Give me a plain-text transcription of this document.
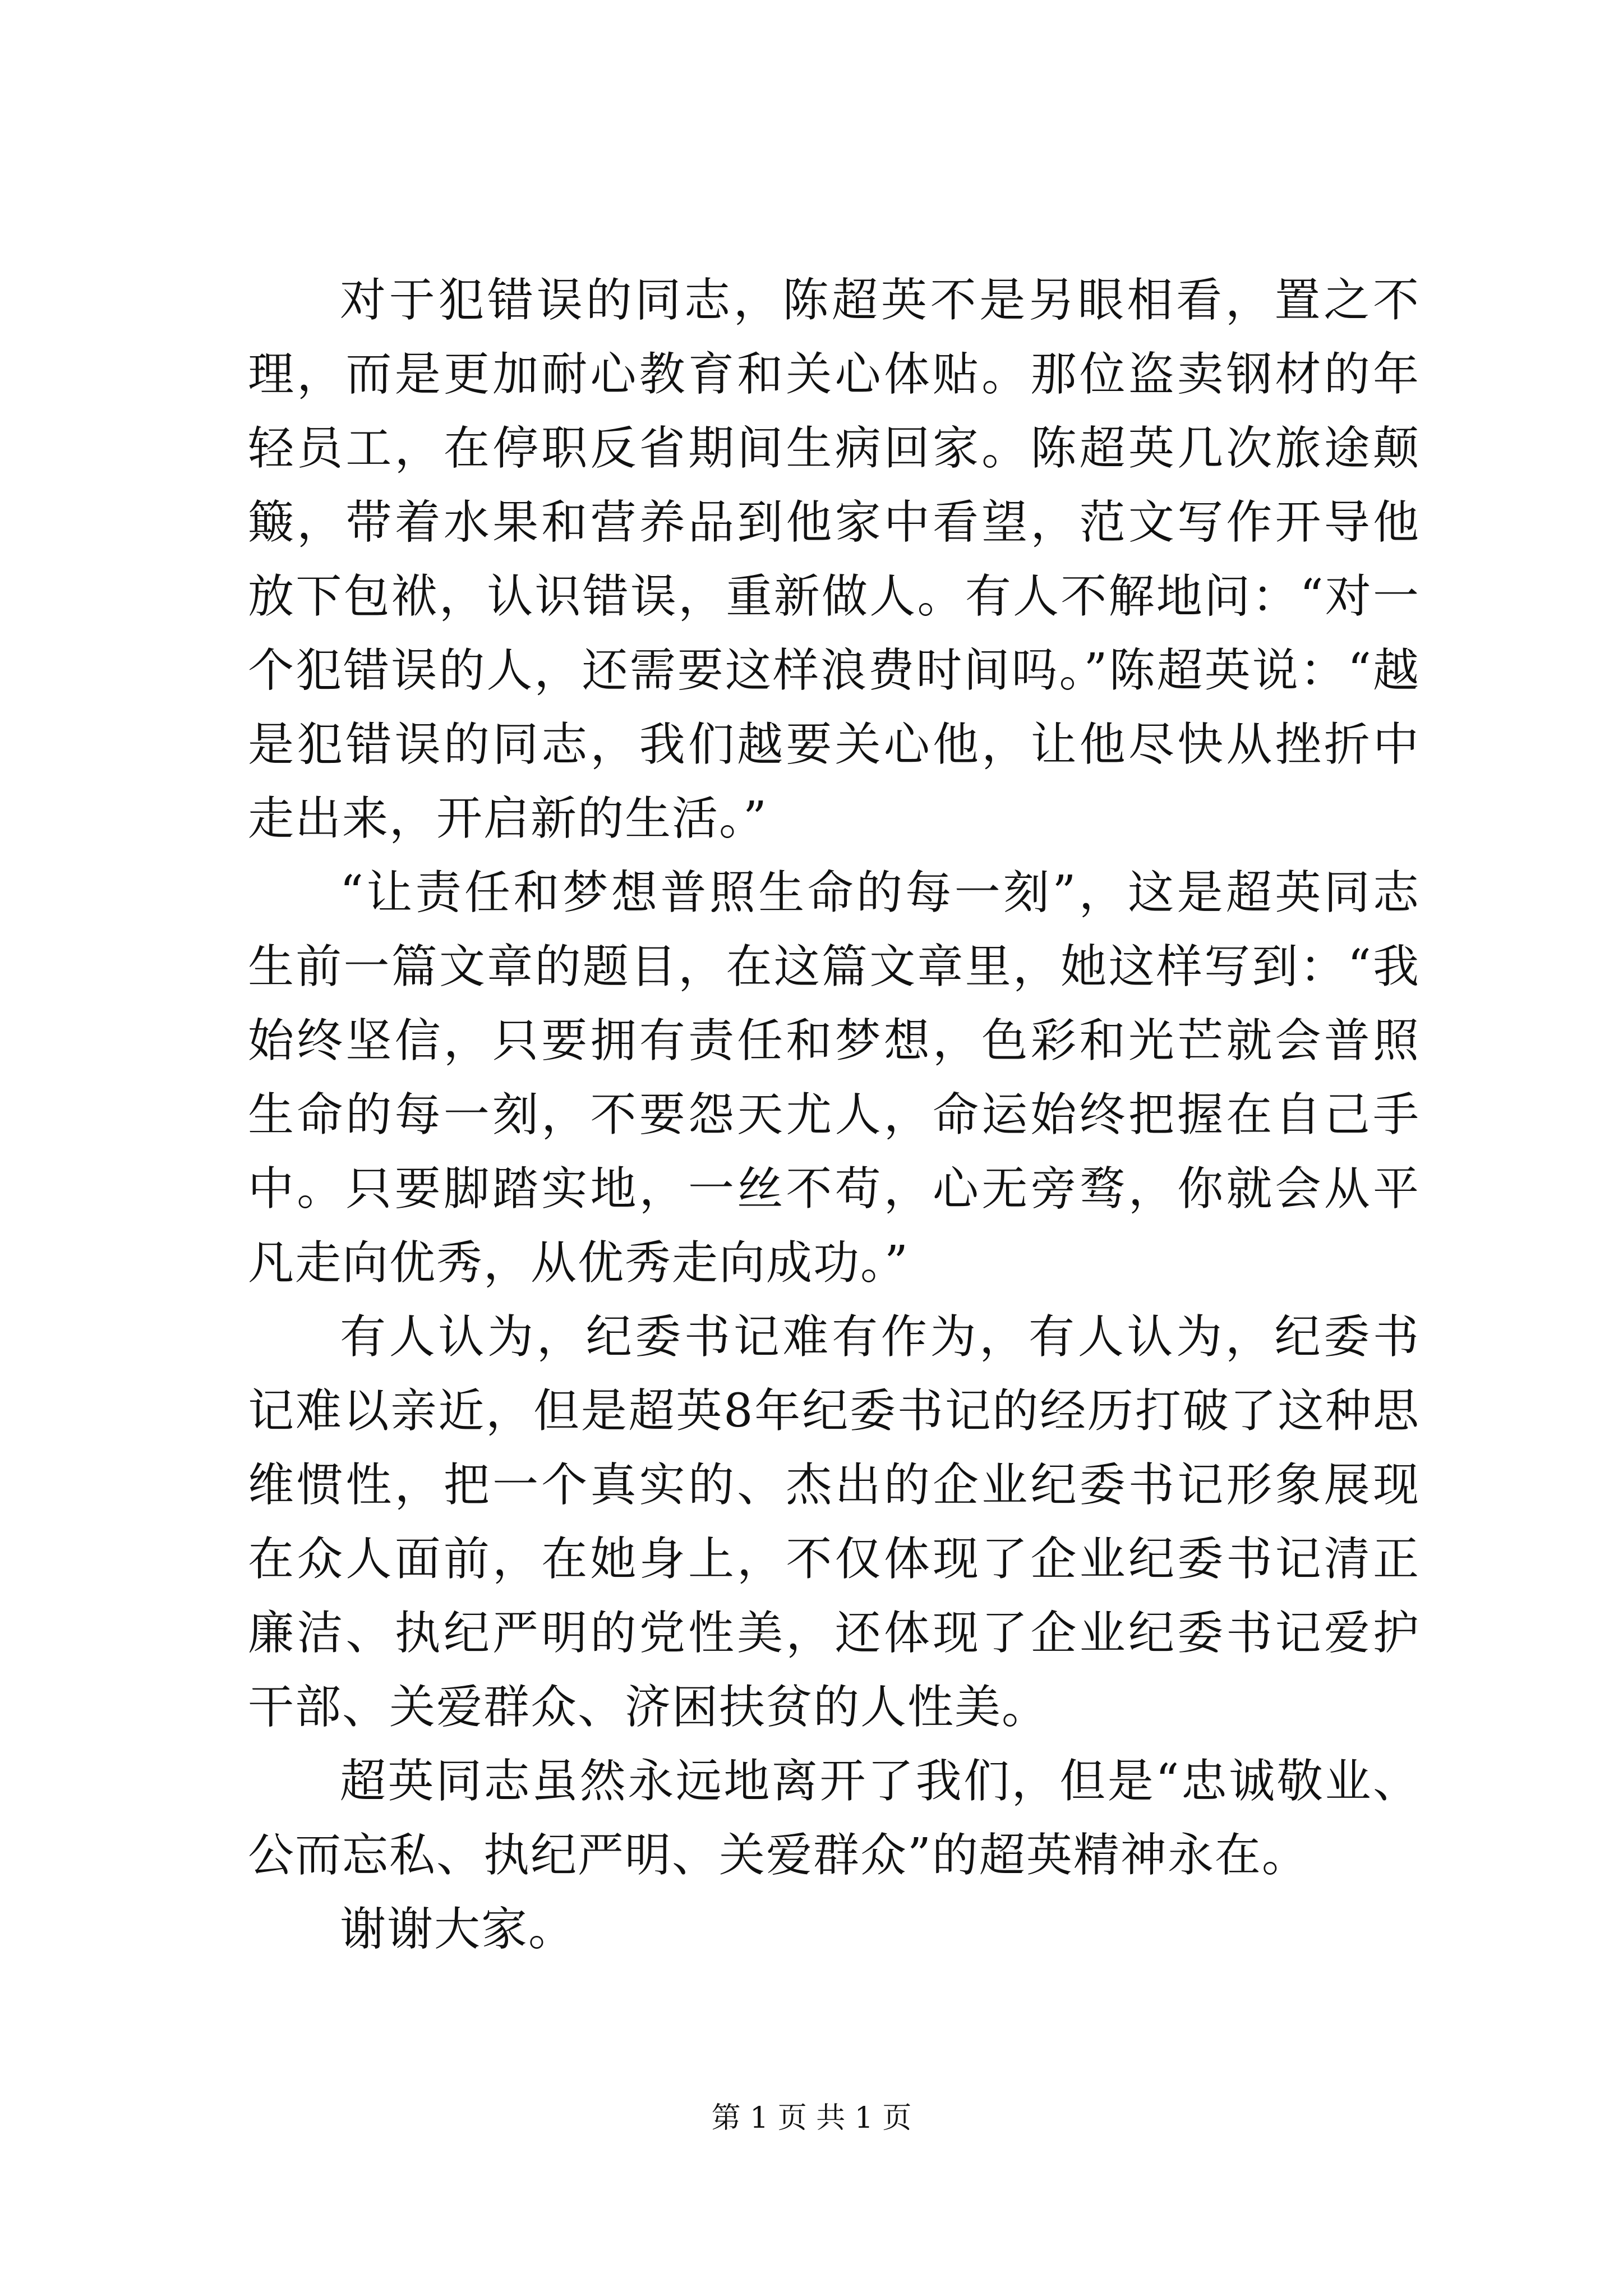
对于犯错误的同志，陈超英不是另眼相看，置之不理，而是更加耐心教育和关心体贴。那位盗卖钢材的年轻员工，在停职反省期间生病回家。陈超英几次旅途颠簸，带着水果和营养品到他家中看望，范文写作开导他放下包袱，认识错误，重新做人。有人不解地问：“对一个犯错误的人，还需要这样浪费时间吗。”陈超英说：“越是犯错误的同志，我们越要关心他，让他尽快从挫折中走出来，开启新的生活。”

“让责任和梦想普照生命的每一刻”，这是超英同志生前一篇文章的题目，在这篇文章里，她这样写到：“我始终坚信，只要拥有责任和梦想，色彩和光芒就会普照生命的每一刻，不要怨天尤人，命运始终把握在自己手中。只要脚踏实地，一丝不苟，心无旁骛，你就会从平凡走向优秀，从优秀走向成功。”

有人认为，纪委书记难有作为，有人认为，纪委书记难以亲近，但是超英8年纪委书记的经历打破了这种思维惯性，把一个真实的、杰出的企业纪委书记形象展现在众人面前，在她身上，不仅体现了企业纪委书记清正廉洁、执纪严明的党性美，还体现了企业纪委书记爱护干部、关爱群众、济困扶贫的人性美。

超英同志虽然永远地离开了我们，但是“忠诚敬业、公而忘私、执纪严明、关爱群众”的超英精神永在。

谢谢大家。

第 1 页 共 1 页
